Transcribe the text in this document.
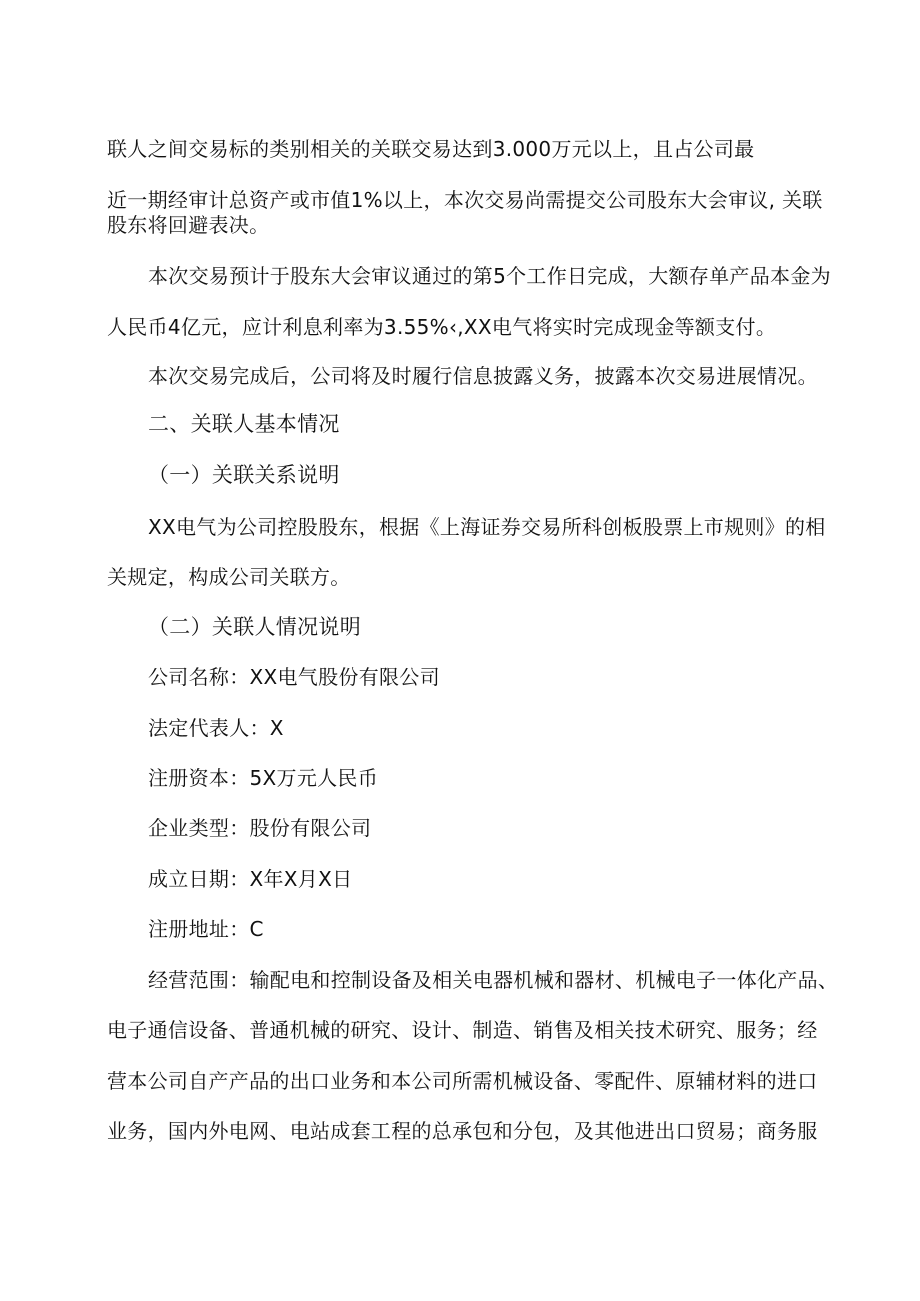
联人之间交易标的类别相关的关联交易达到3.000万元以上，且占公司最
近一期经审计总资产或市值1%以上，本次交易尚需提交公司股东大会审议, 关联
股东将回避表决。
本次交易预计于股东大会审议通过的第5个工作日完成，大额存单产品本金为
人民币4亿元，应计利息利率为3.55%‹,XX电气将实时完成现金等额支付。
本次交易完成后，公司将及时履行信息披露义务，披露本次交易进展情况。
二、关联人基本情况
（一）关联关系说明
XX电气为公司控股股东，根据《上海证券交易所科创板股票上市规则》的相
关规定，构成公司关联方。
（二）关联人情况说明
公司名称：XX电气股份有限公司
法定代表人：X
注册资本：5X万元人民币
企业类型：股份有限公司
成立日期：X年X月X日
注册地址：C
经营范围：输配电和控制设备及相关电器机械和器材、机械电子一体化产品、
电子通信设备、普通机械的研究、设计、制造、销售及相关技术研究、服务；经
营本公司自产产品的出口业务和本公司所需机械设备、零配件、原辅材料的进口
业务，国内外电网、电站成套工程的总承包和分包，及其他进出口贸易；商务服
